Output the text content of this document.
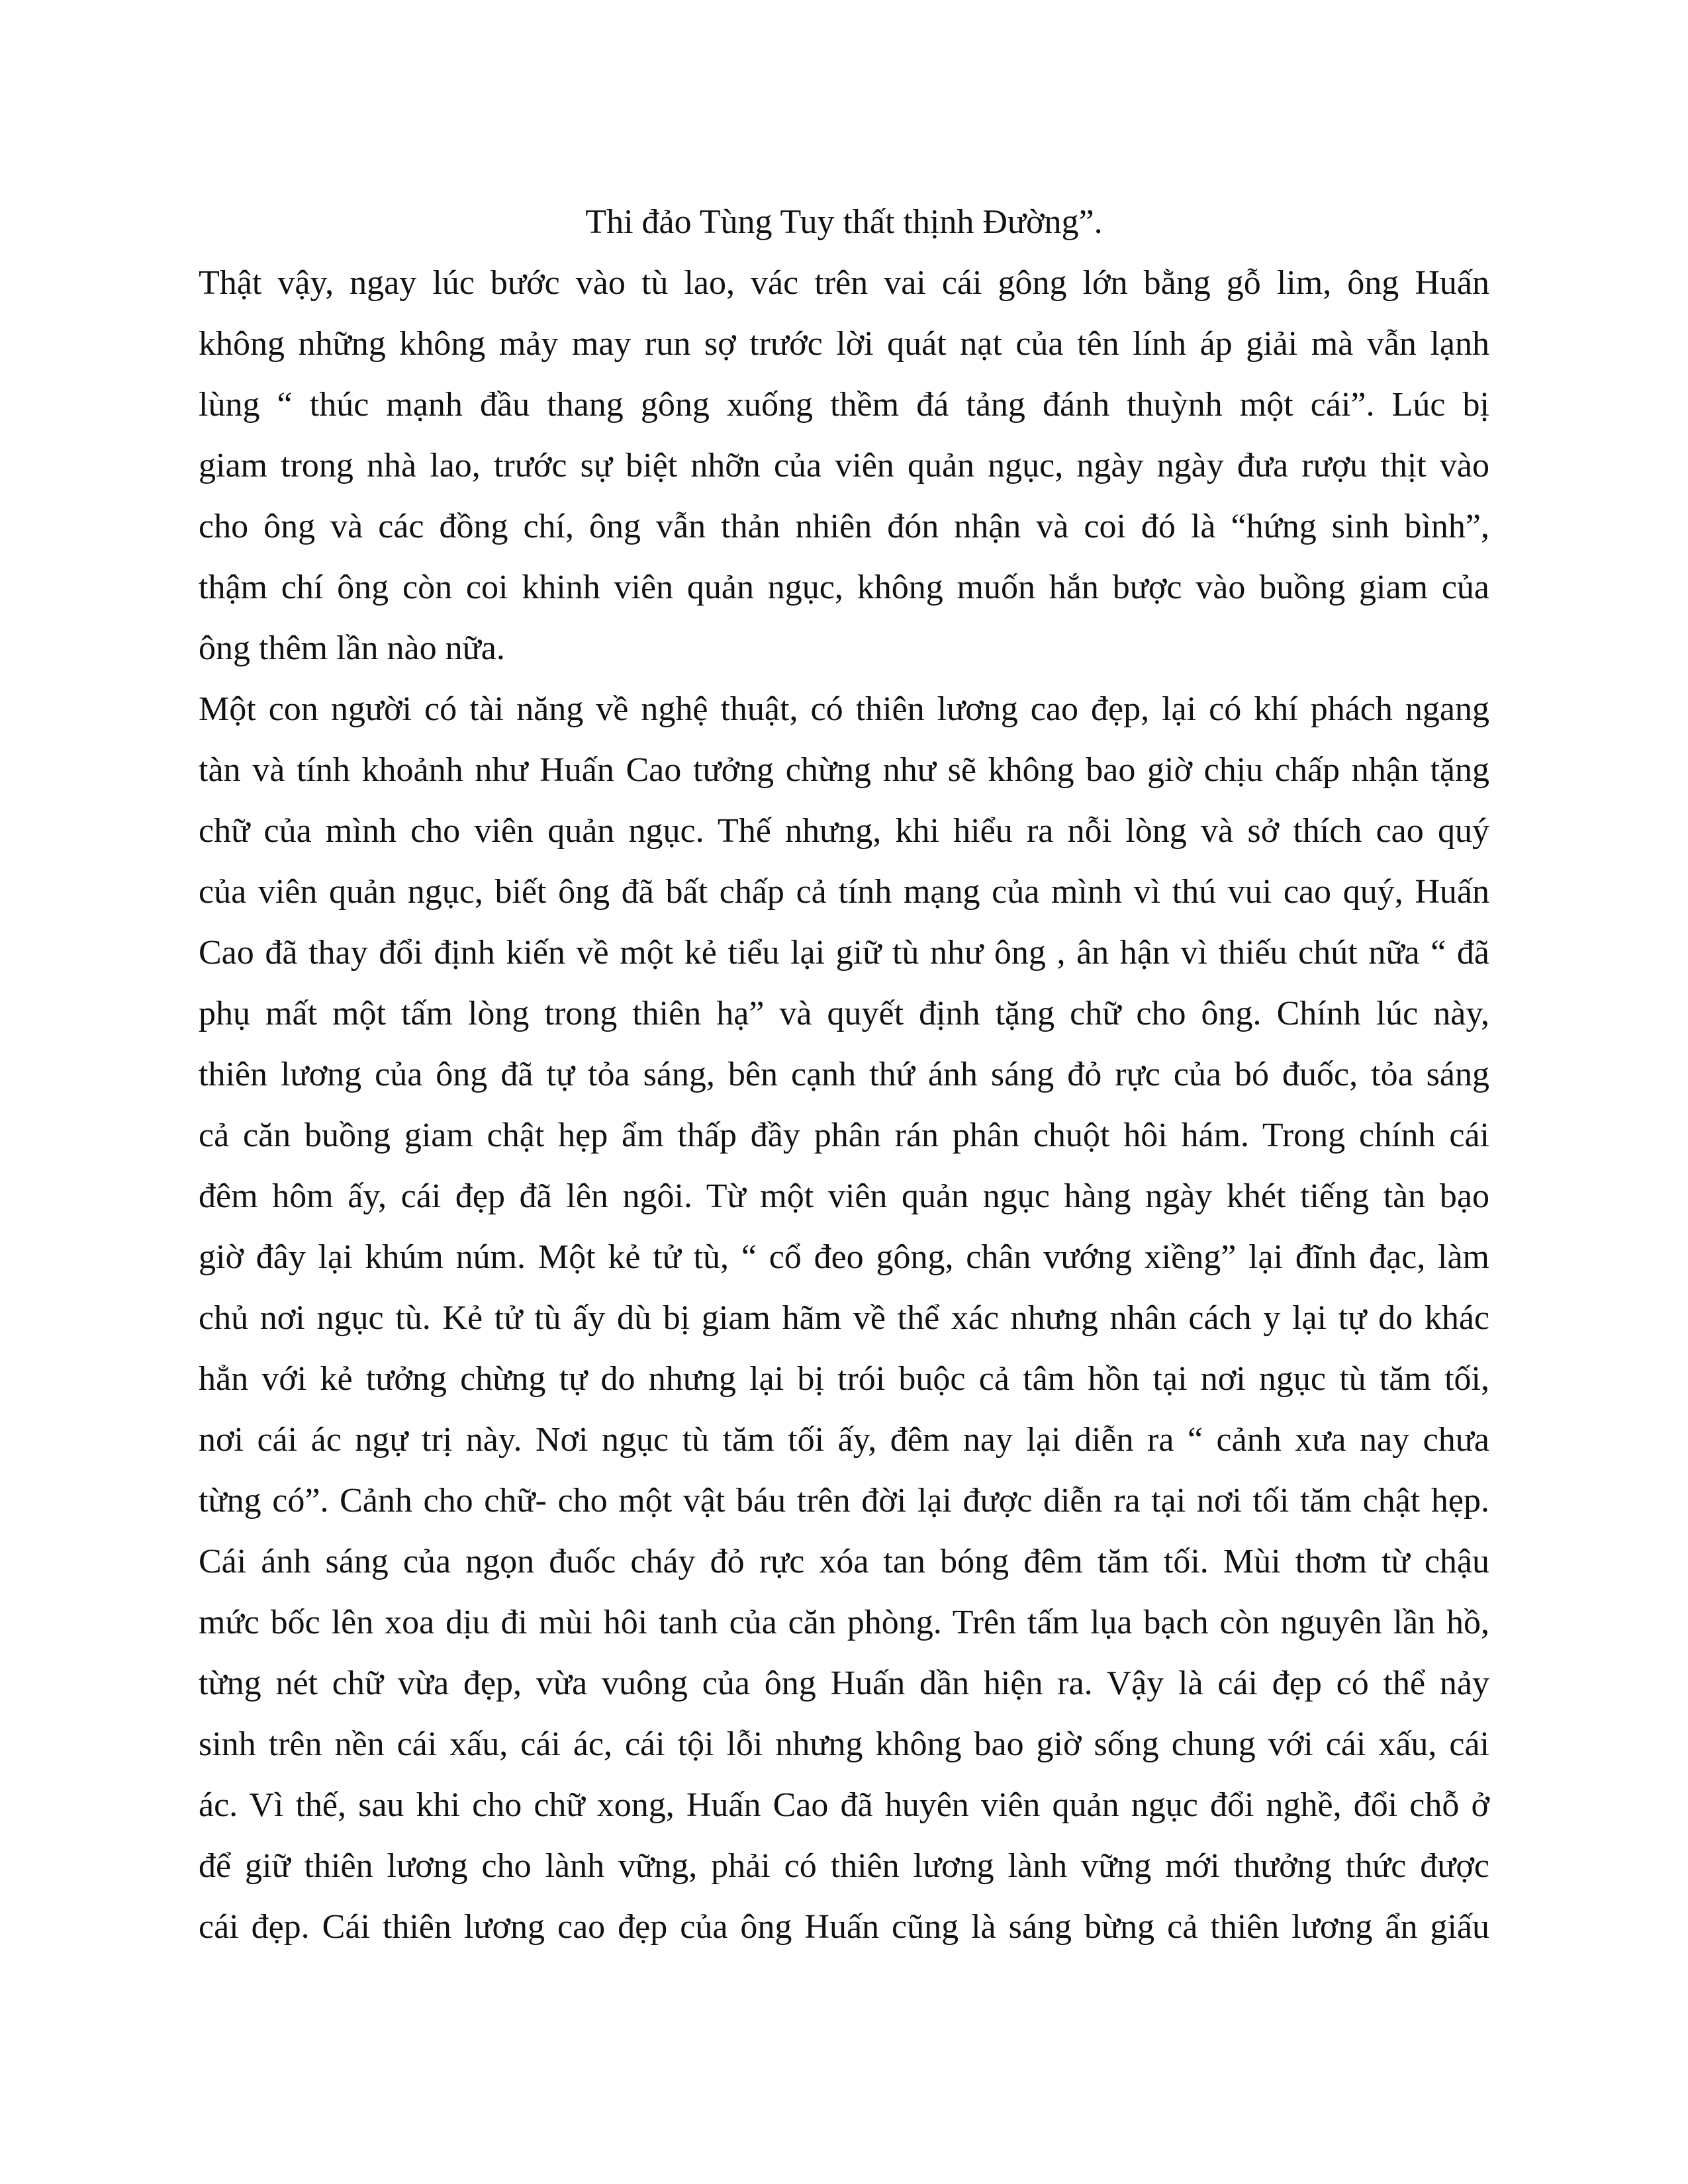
Thi đảo Tùng Tuy thất thịnh Đường”.
Thật vậy, ngay lúc bước vào tù lao, vác trên vai cái gông lớn bằng gỗ lim, ông Huấn
không những không mảy may run sợ trước lời quát nạt của tên lính áp giải mà vẫn lạnh
lùng “ thúc mạnh đầu thang gông xuống thềm đá tảng đánh thuỳnh một cái”. Lúc bị
giam trong nhà lao, trước sự biệt nhỡn của viên quản ngục, ngày ngày đưa rượu thịt vào
cho ông và các đồng chí, ông vẫn thản nhiên đón nhận và coi đó là “hứng sinh bình”,
thậm chí ông còn coi khinh viên quản ngục, không muốn hắn bược vào buồng giam của
ông thêm lần nào nữa.
Một con người có tài năng về nghệ thuật, có thiên lương cao đẹp, lại có khí phách ngang
tàn và tính khoảnh như Huấn Cao tưởng chừng như sẽ không bao giờ chịu chấp nhận tặng
chữ của mình cho viên quản ngục. Thế nhưng, khi hiểu ra nỗi lòng và sở thích cao quý
của viên quản ngục, biết ông đã bất chấp cả tính mạng của mình vì thú vui cao quý, Huấn
Cao đã thay đổi định kiến về một kẻ tiểu lại giữ tù như ông , ân hận vì thiếu chút nữa “ đã
phụ mất một tấm lòng trong thiên hạ” và quyết định tặng chữ cho ông. Chính lúc này,
thiên lương của ông đã tự tỏa sáng, bên cạnh thứ ánh sáng đỏ rực của bó đuốc, tỏa sáng
cả căn buồng giam chật hẹp ẩm thấp đầy phân rán phân chuột hôi hám. Trong chính cái
đêm hôm ấy, cái đẹp đã lên ngôi. Từ một viên quản ngục hàng ngày khét tiếng tàn bạo
giờ đây lại khúm núm. Một kẻ tử tù, “ cổ đeo gông, chân vướng xiềng” lại đĩnh đạc, làm
chủ nơi ngục tù. Kẻ tử tù ấy dù bị giam hãm về thể xác nhưng nhân cách y lại tự do khác
hẳn với kẻ tưởng chừng tự do nhưng lại bị trói buộc cả tâm hồn tại nơi ngục tù tăm tối,
nơi cái ác ngự trị này. Nơi ngục tù tăm tối ấy, đêm nay lại diễn ra “ cảnh xưa nay chưa
từng có”. Cảnh cho chữ- cho một vật báu trên đời lại được diễn ra tại nơi tối tăm chật hẹp.
Cái ánh sáng của ngọn đuốc cháy đỏ rực xóa tan bóng đêm tăm tối. Mùi thơm từ chậu
mức bốc lên xoa dịu đi mùi hôi tanh của căn phòng. Trên tấm lụa bạch còn nguyên lần hồ,
từng nét chữ vừa đẹp, vừa vuông của ông Huấn dần hiện ra. Vậy là cái đẹp có thể nảy
sinh trên nền cái xấu, cái ác, cái tội lỗi nhưng không bao giờ sống chung với cái xấu, cái
ác. Vì thế, sau khi cho chữ xong, Huấn Cao đã huyên viên quản ngục đổi nghề, đổi chỗ ở
để giữ thiên lương cho lành vững, phải có thiên lương lành vững mới thưởng thức được
cái đẹp. Cái thiên lương cao đẹp của ông Huấn cũng là sáng bừng cả thiên lương ẩn giấu
